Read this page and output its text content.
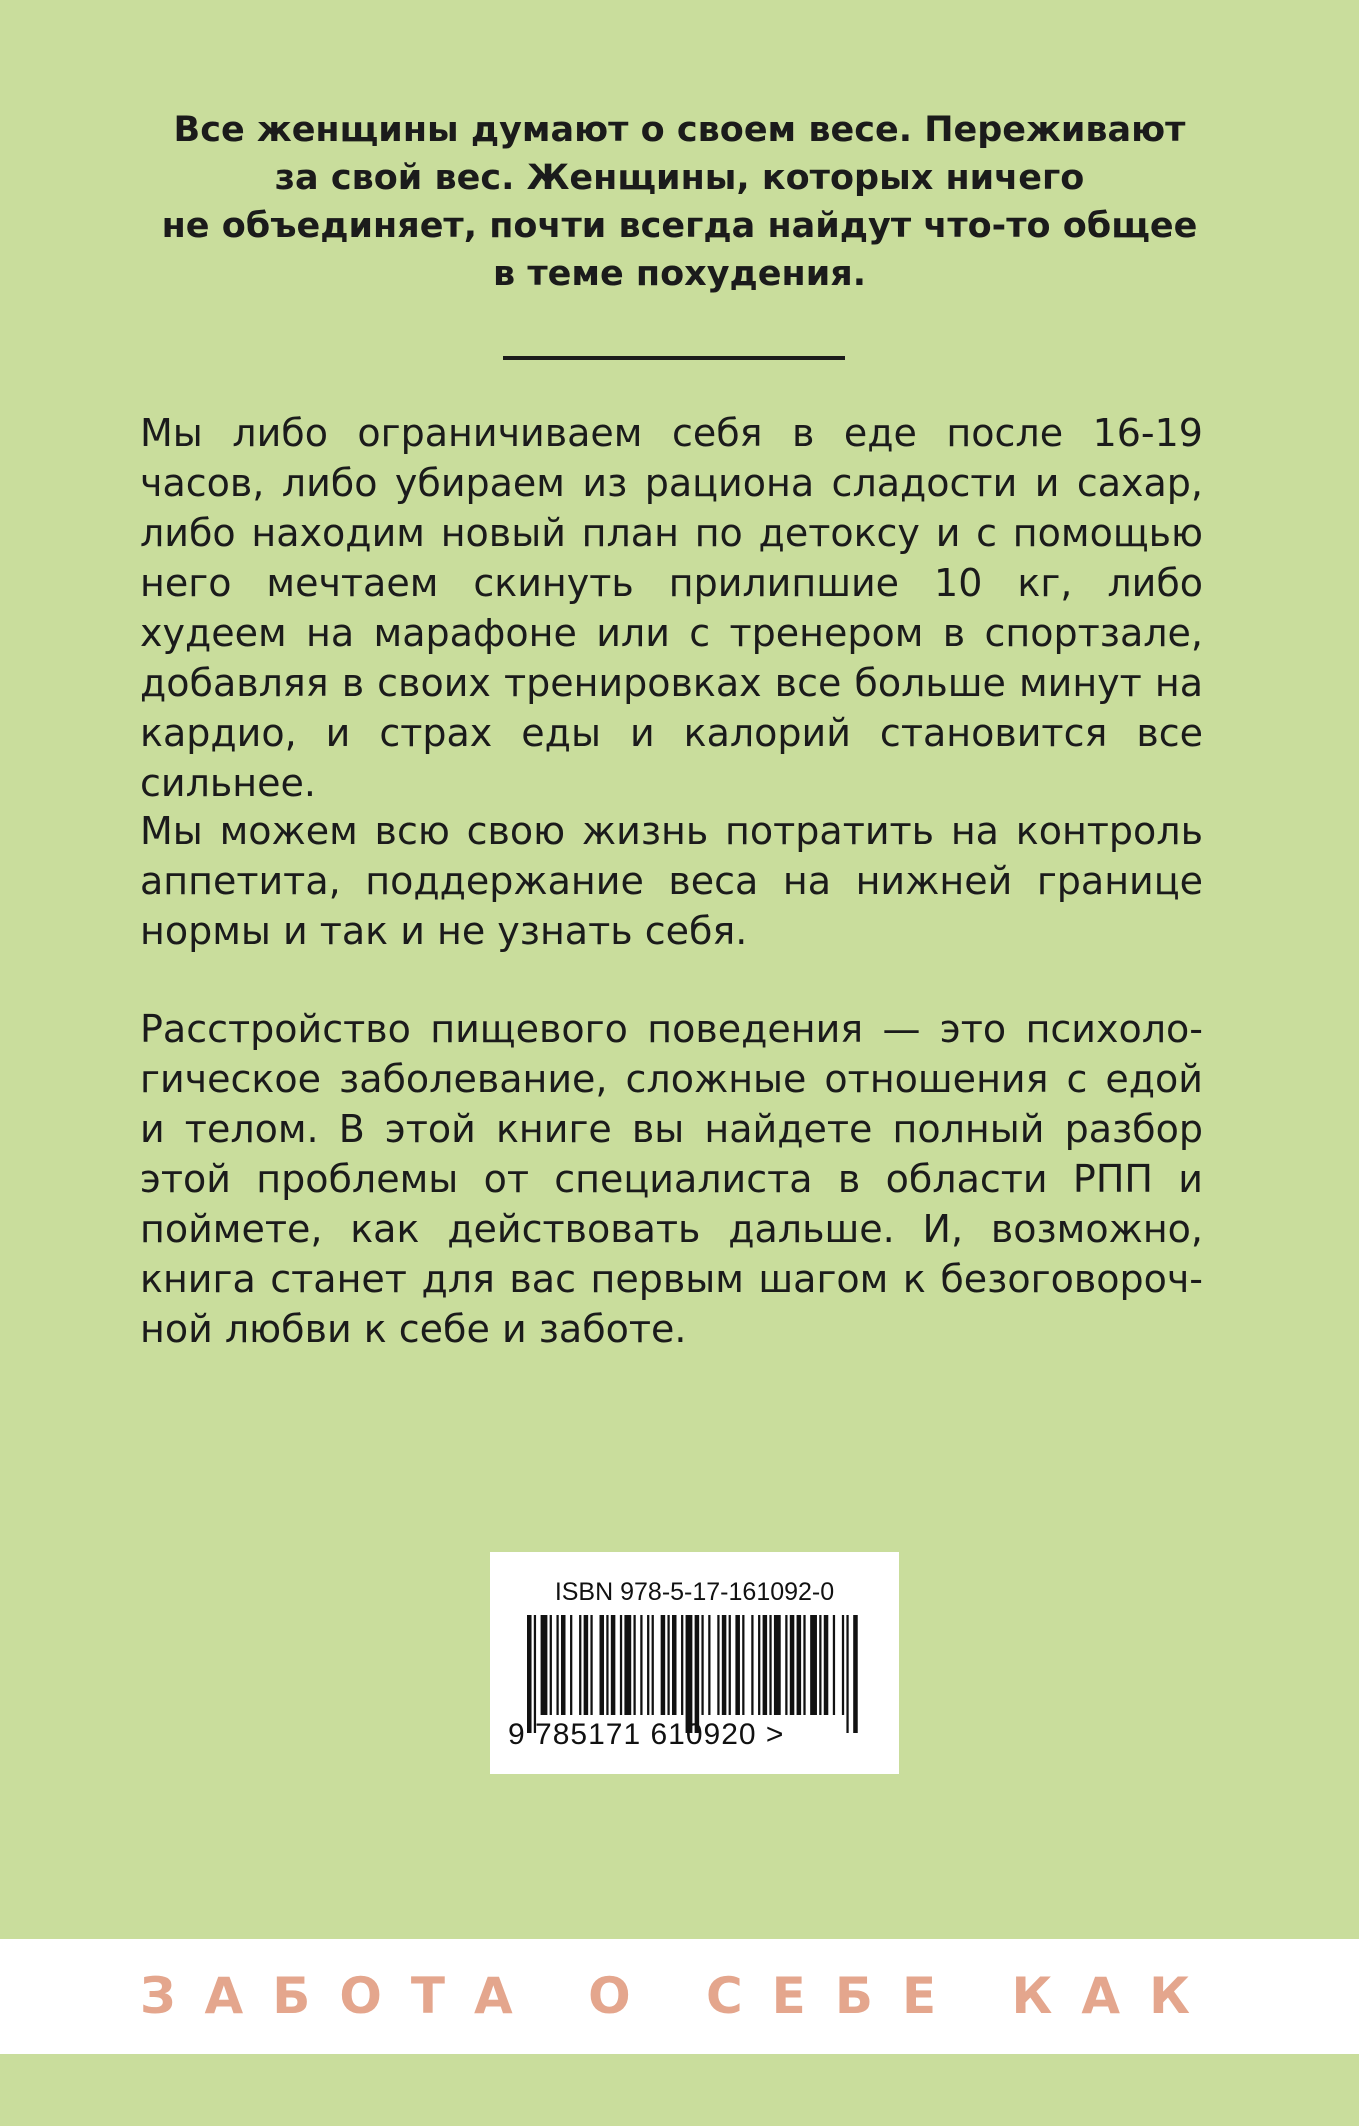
Все женщины думают о своем весе. Переживают
за свой вес. Женщины, которых ничего
не объединяет, почти всегда найдут что-то общее
в теме похудения.

Мы либо ограничиваем себя в еде после 16-19 часов, либо убираем из рациона сладости и сахар, либо находим новый план по детоксу и с помощью него мечтаем скинуть прилипшие 10 кг, либо худеем на марафоне или с тренером в спортзале, добавляя в своих тренировках все больше минут на кардио, и страх еды и калорий становится все сильнее.

Мы можем всю свою жизнь потратить на контроль аппетита, поддержание веса на нижней границе нормы и так и не узнать себя.

Расстройство пищевого поведения — это психологическое заболевание, сложные отношения с едой и телом. В этой книге вы найдете полный разбор этой проблемы от специалиста в области РПП и поймете, как действовать дальше. И, возможно, книга станет для вас первым шагом к безоговорочной любви к себе и заботе.

ISBN 978-5-17-161092-0
9 785171 610920 >
ЗАБОТА О СЕБЕ КАК
